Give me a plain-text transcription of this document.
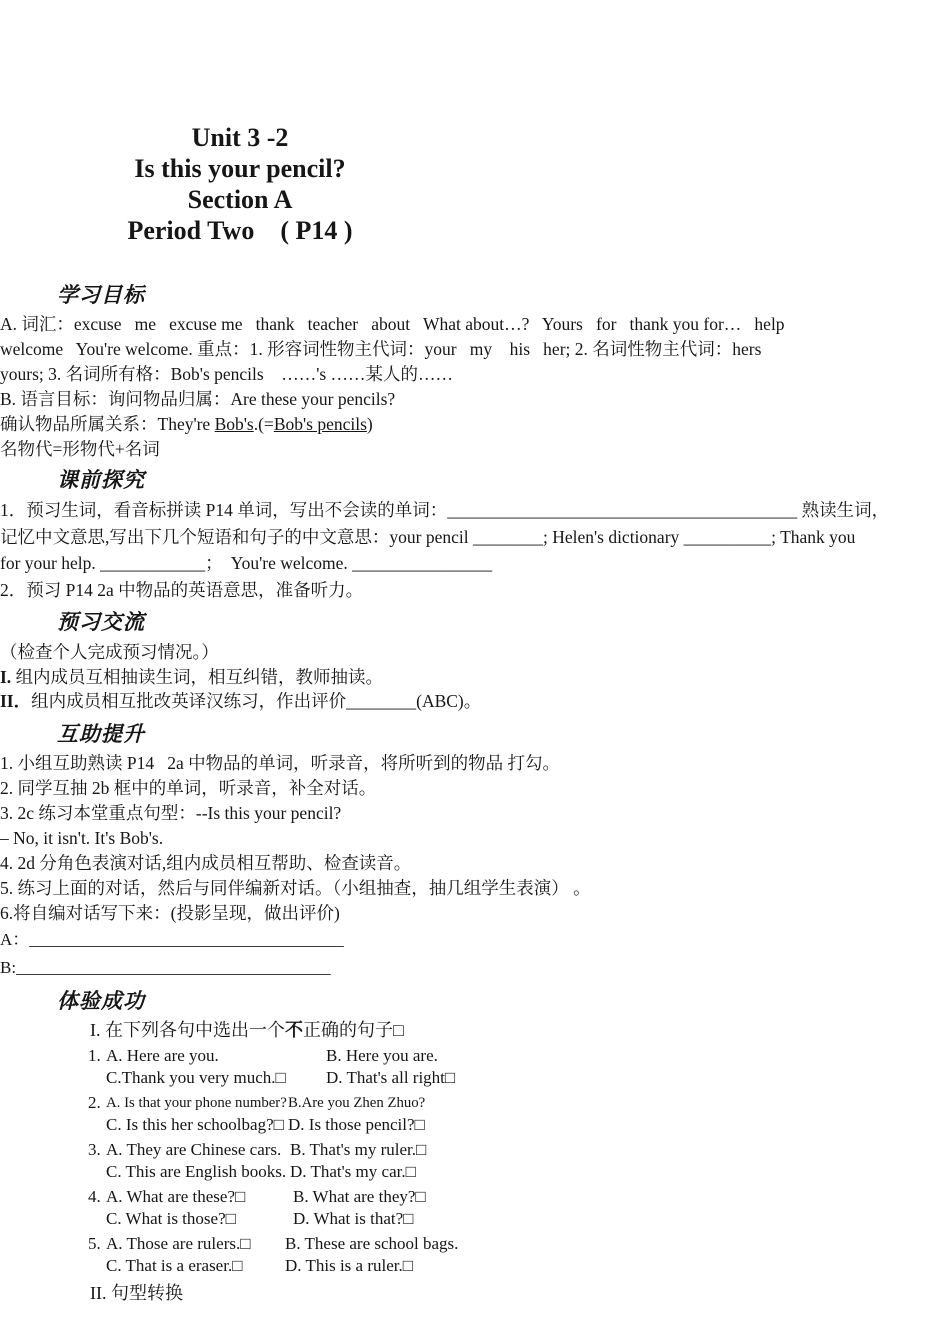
Unit 3 -2
Is this your pencil?
Section A
Period Two    ( P14 )
学习目标

A. 词汇：excuse   me   excuse me   thank   teacher   about   What about…?   Yours   for   thank you for…   help

welcome   You're welcome. 重点：1. 形容词性物主代词：your   my    his   her; 2. 名词性物主代词：hers

yours; 3. 名词所有格：Bob's pencils    ……'s ……某人的……

B. 语言目标：询问物品归属：Are these your pencils?

确认物品所属关系：They're Bob's.(=Bob's pencils)

名物代=形物代+名词

课前探究

1．预习生词，看音标拼读 P14 单词，写出不会读的单词：________________________________________ 熟读生词，

记忆中文意思,写出下几个短语和句子的中文意思：your pencil ________; Helen's dictionary __________; Thank you

for your help. ____________；  You're welcome. ________________

2．预习 P14 2a 中物品的英语意思，准备听力。

预习交流

（检查个人完成预习情况。）

I. 组内成员互相抽读生词，相互纠错，教师抽读。

II．组内成员相互批改英译汉练习，作出评价________(ABC)。

互助提升

1. 小组互助熟读 P14   2a 中物品的单词，听录音，将所听到的物品 打勾。

2. 同学互抽 2b 框中的单词，听录音，补全对话。

3. 2c 练习本堂重点句型：--Is this your pencil?

– No, it isn't. It's Bob's.

4. 2d 分角色表演对话,组内成员相互帮助、检查读音。

5. 练习上面的对话，然后与同伴编新对话。（小组抽查，抽几组学生表演） 。

6.将自编对话写下来：(投影呈现，做出评价)

A：_____________________________________

B:_____________________________________

体验成功

I. 在下列各句中选出一个不正确的句子□

1. A. Here are you.	B. Here you are.
C.Thank you very much.□	D. That's all right□
2. A. Is that your phone number? B.Are you Zhen Zhuo?
C. Is this her schoolbag?□ D. Is those pencil?□
3. A. They are Chinese cars. B. That's my ruler.□
C. This are English books. D. That's my car.□
4. A. What are these?□	B. What are they?□
C. What is those?□	D. What is that?□
5. A. Those are rulers.□	B. These are school bags.
C. That is a eraser.□	D. This is a ruler.□

II. 句型转换
